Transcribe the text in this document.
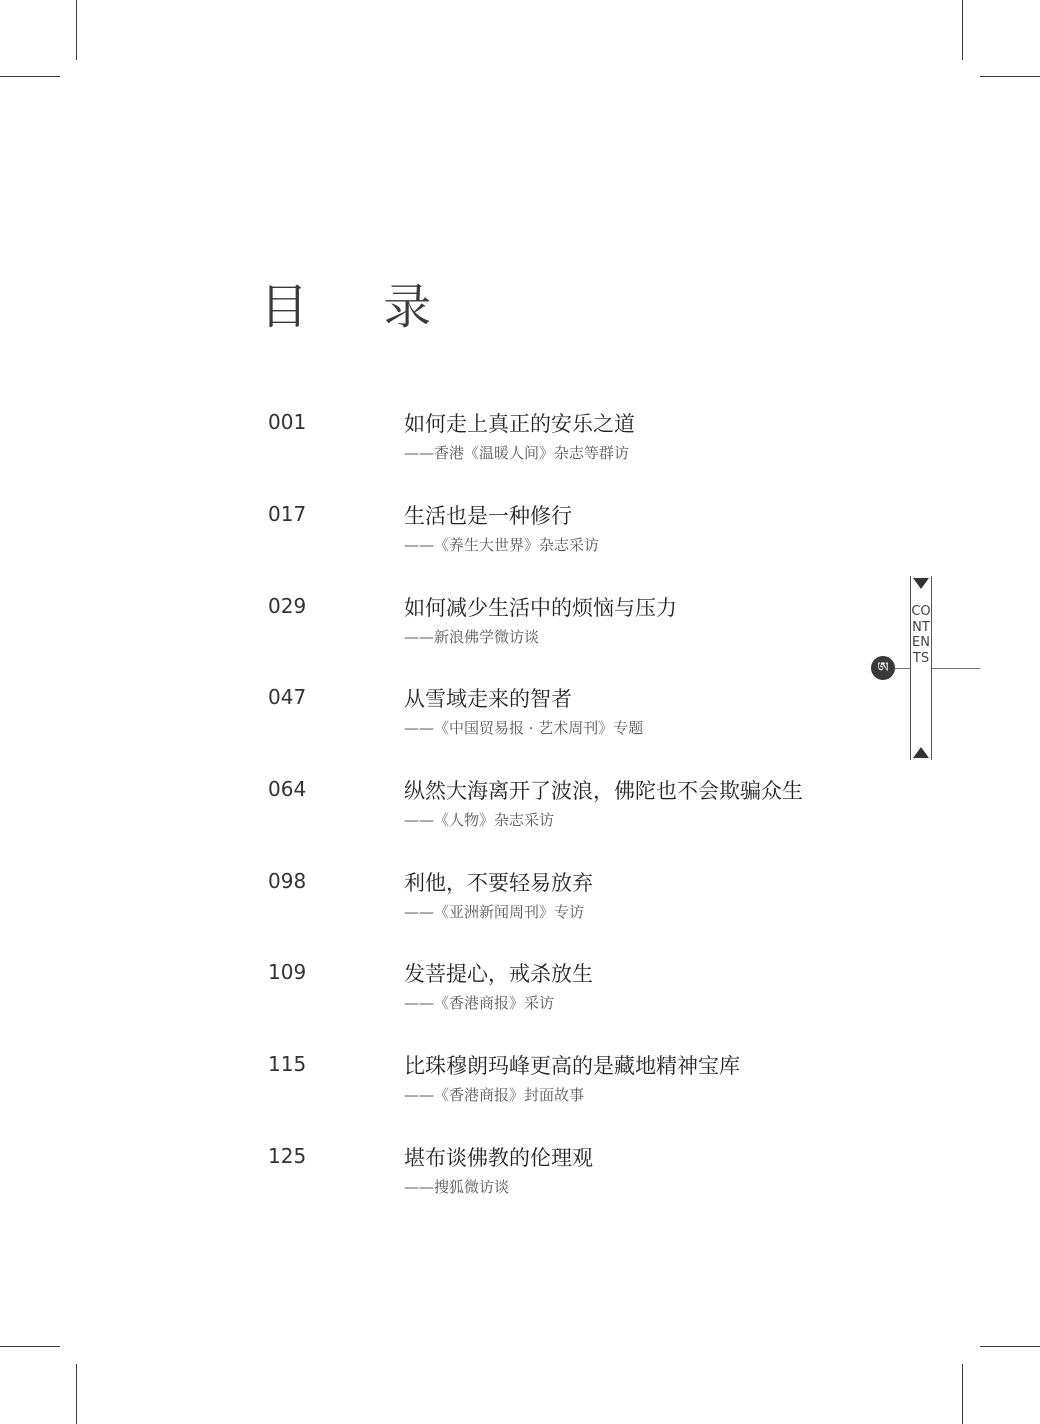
目 录
001	如何走上真正的安乐之道
——香港《温暖人间》杂志等群访
017	生活也是一种修行
——《养生大世界》杂志采访
029	如何减少生活中的烦恼与压力
——新浪佛学微访谈
047	从雪域走来的智者
——《中国贸易报 · 艺术周刊》专题
064	纵然大海离开了波浪，佛陀也不会欺骗众生
——《人物》杂志采访
098	利他，不要轻易放弃
——《亚洲新闻周刊》专访
109	发菩提心，戒杀放生
——《香港商报》采访
115	比珠穆朗玛峰更高的是藏地精神宝库
——《香港商报》封面故事
125	堪布谈佛教的伦理观
——搜狐微访谈
ཨ
CONTENTS
